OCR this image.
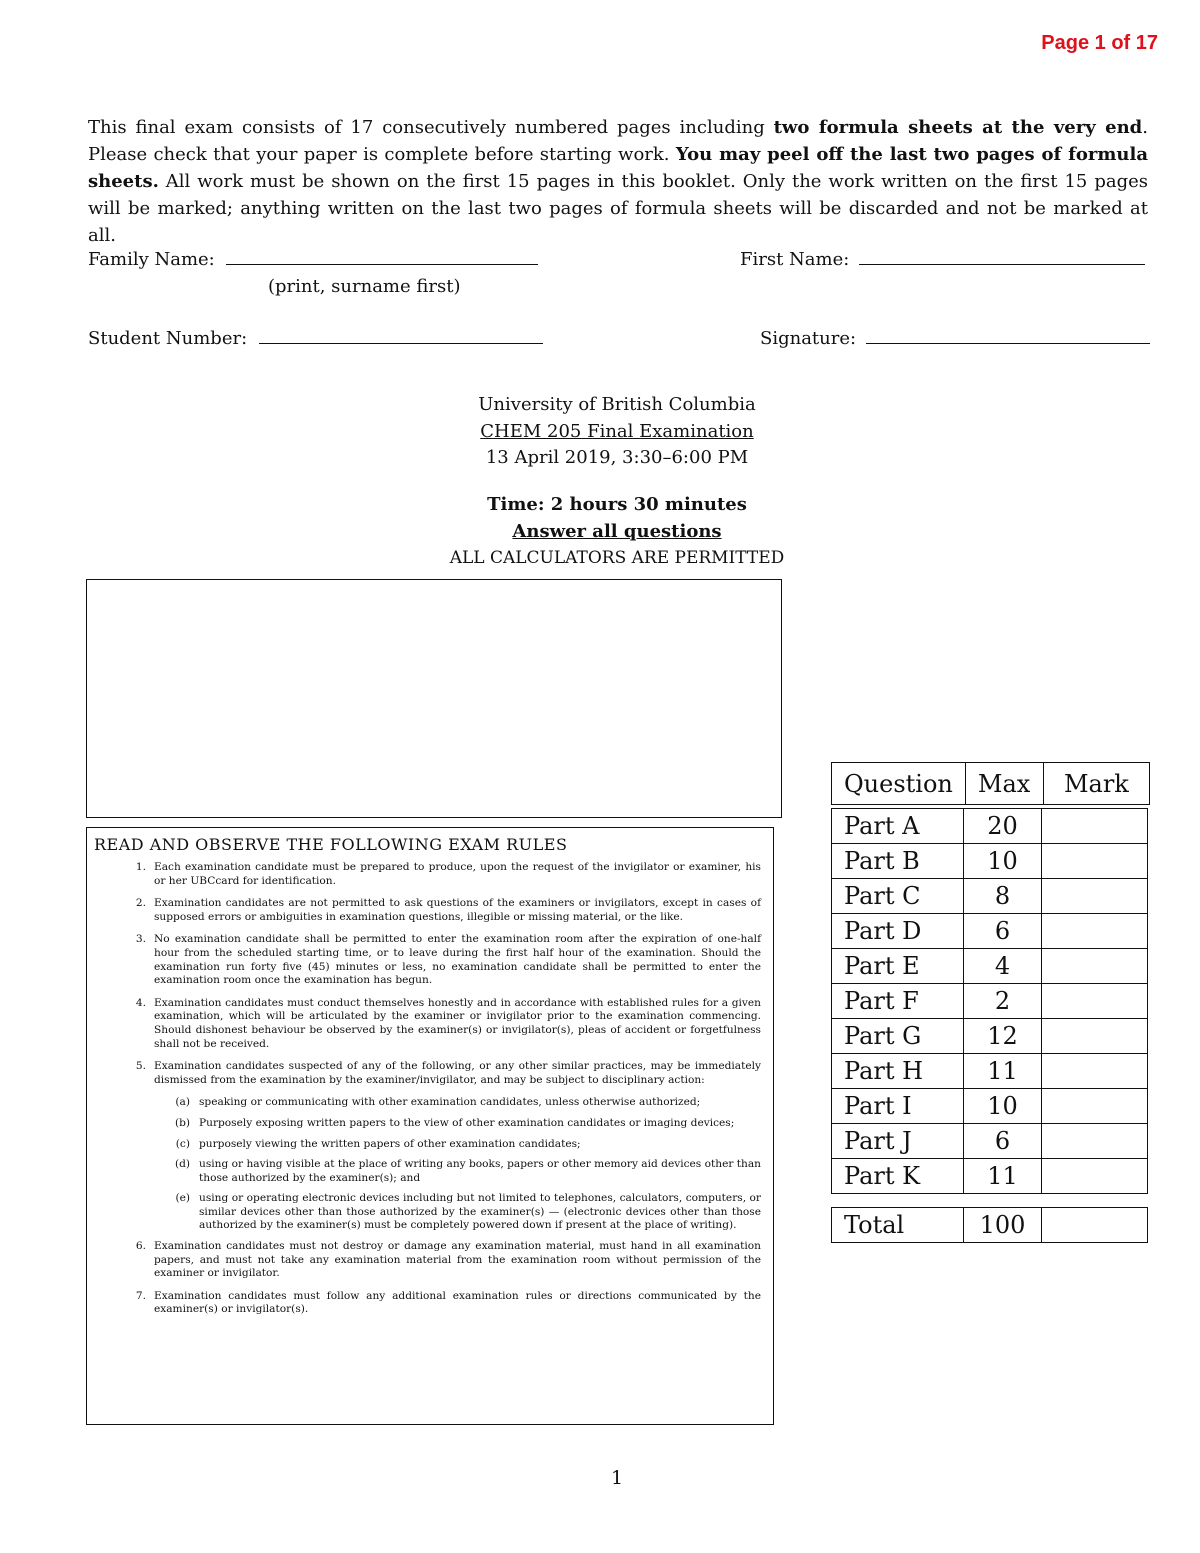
Page 1 of 17
This final exam consists of 17 consecutively numbered pages including two formula sheets at the very end. Please check that your paper is complete before starting work. You may peel off the last two pages of formula sheets. All work must be shown on the first 15 pages in this booklet. Only the work written on the first 15 pages will be marked; anything written on the last two pages of formula sheets will be discarded and not be marked at all.
Family Name:
(print, surname first)
First Name:
Student Number:	Signature:
University of British Columbia
CHEM 205 Final Examination
13 April 2019, 3:30–6:00 PM
Time: 2 hours 30 minutes
Answer all questions
ALL CALCULATORS ARE PERMITTED
READ AND OBSERVE THE FOLLOWING EXAM RULES
1. Each examination candidate must be prepared to produce, upon the request of the invigilator or examiner, his or her UBCcard for identification.
2. Examination candidates are not permitted to ask questions of the examiners or invigilators, except in cases of supposed errors or ambiguities in examination questions, illegible or missing material, or the like.
3. No examination candidate shall be permitted to enter the examination room after the expiration of one-half hour from the scheduled starting time, or to leave during the first half hour of the examination. Should the examination run forty five (45) minutes or less, no examination candidate shall be permitted to enter the examination room once the examination has begun.
4. Examination candidates must conduct themselves honestly and in accordance with established rules for a given examination, which will be articulated by the examiner or invigilator prior to the examination commencing. Should dishonest behaviour be observed by the examiner(s) or invigilator(s), pleas of accident or forgetfulness shall not be received.
5. Examination candidates suspected of any of the following, or any other similar practices, may be immediately dismissed from the examination by the examiner/invigilator, and may be subject to disciplinary action:
(a) speaking or communicating with other examination candidates, unless otherwise authorized;
(b) Purposely exposing written papers to the view of other examination candidates or imaging devices;
(c) purposely viewing the written papers of other examination candidates;
(d) using or having visible at the place of writing any books, papers or other memory aid devices other than those authorized by the examiner(s); and
(e) using or operating electronic devices including but not limited to telephones, calculators, computers, or similar devices other than those authorized by the examiner(s) — (electronic devices other than those authorized by the examiner(s) must be completely powered down if present at the place of writing).
6. Examination candidates must not destroy or damage any examination material, must hand in all examination papers, and must not take any examination material from the examination room without permission of the examiner or invigilator.
7. Examination candidates must follow any additional examination rules or directions communicated by the examiner(s) or invigilator(s).
Question	Max	Mark
Part A	20	
Part B	10	
Part C	8	
Part D	6	
Part E	4	
Part F	2	
Part G	12	
Part H	11	
Part I	10	
Part J	6	
Part K	11	
Total	100	
1
